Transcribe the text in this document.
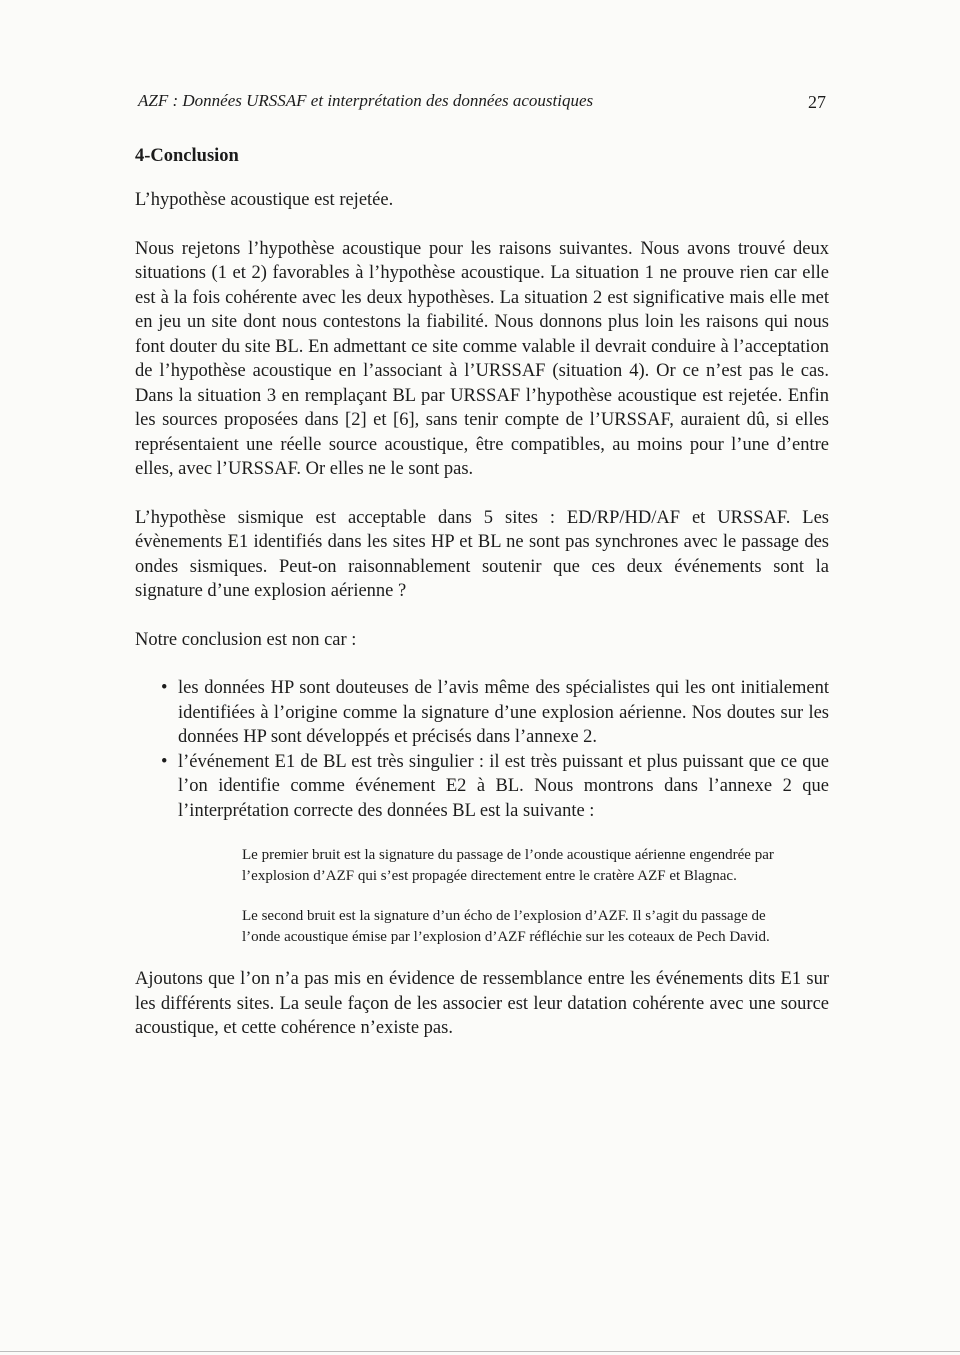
AZF : Données URSSAF et interprétation des données acoustiques	27
4-Conclusion

L’hypothèse acoustique est rejetée.

Nous rejetons l’hypothèse acoustique pour les raisons suivantes. Nous avons trouvé deux situations (1 et 2) favorables à l’hypothèse acoustique. La situation 1 ne prouve rien car elle est à la fois cohérente avec les deux hypothèses. La situation 2 est significative mais elle met en jeu un site dont nous contestons la fiabilité. Nous donnons plus loin les raisons qui nous font douter du site BL. En admettant ce site comme valable il devrait conduire à l’acceptation de l’hypothèse acoustique en l’associant à l’URSSAF (situation 4). Or ce n’est pas le cas. Dans la situation 3 en remplaçant BL par URSSAF l’hypothèse acoustique est rejetée. Enfin les sources proposées dans [2] et [6], sans tenir compte de l’URSSAF, auraient dû, si elles représentaient une réelle source acoustique, être compatibles, au moins pour l’une d’entre elles, avec l’URSSAF. Or elles ne le sont pas.

L’hypothèse sismique est acceptable dans 5 sites : ED/RP/HD/AF et URSSAF. Les évènements E1 identifiés dans les sites HP et BL ne sont pas synchrones avec le passage des ondes sismiques. Peut-on raisonnablement soutenir que ces deux événements sont la signature d’une explosion aérienne ?

Notre conclusion est non car :

• les données HP sont douteuses de l’avis même des spécialistes qui les ont initialement identifiées à l’origine comme la signature d’une explosion aérienne. Nos doutes sur les données HP sont développés et précisés dans l’annexe 2.
• l’événement E1 de BL est très singulier : il est très puissant et plus puissant que ce que l’on identifie comme événement E2 à BL. Nous montrons dans l’annexe 2 que l’interprétation correcte des données BL est la suivante :

Le premier bruit est la signature du passage de l’onde acoustique aérienne engendrée par l’explosion d’AZF qui s’est propagée directement entre le cratère AZF et Blagnac.

Le second bruit est la signature d’un écho de l’explosion d’AZF. Il s’agit du passage de l’onde acoustique émise par l’explosion d’AZF réfléchie sur les coteaux de Pech David.

Ajoutons que l’on n’a pas mis en évidence de ressemblance entre les événements dits E1 sur les différents sites. La seule façon de les associer est leur datation cohérente avec une source acoustique, et cette cohérence n’existe pas.
